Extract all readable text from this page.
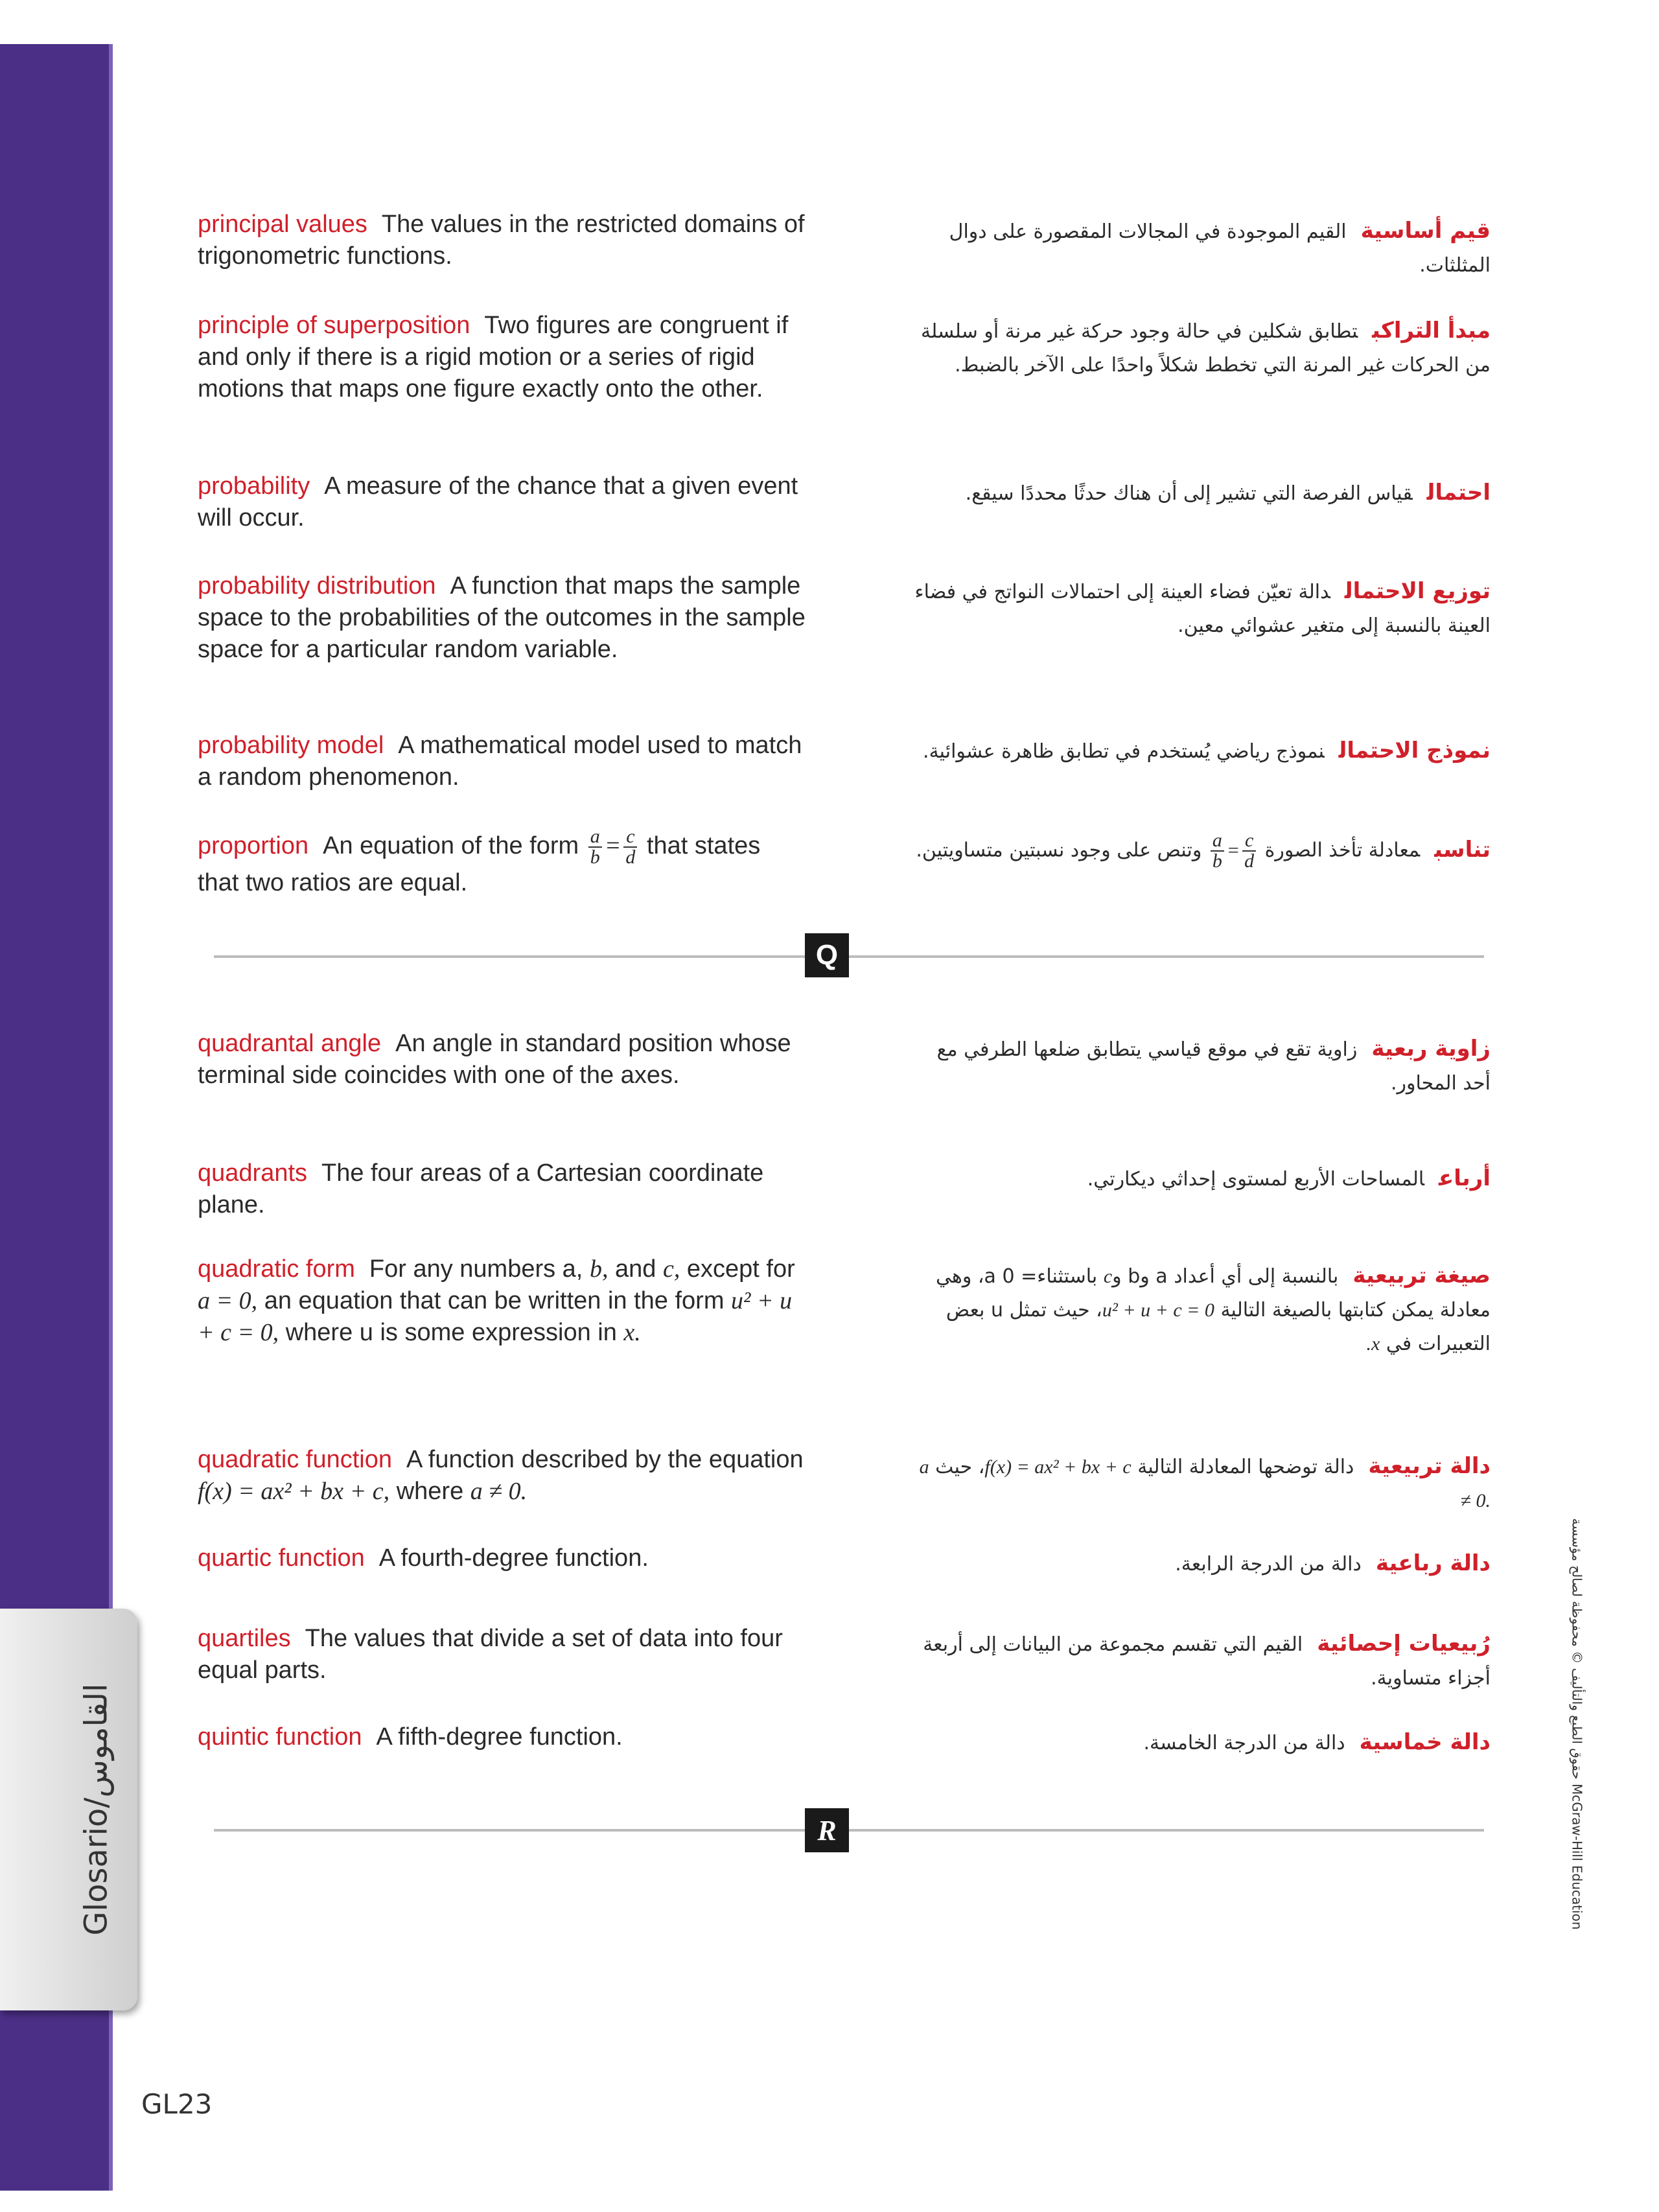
Glosario/القاموس
GL23
حقوق الطبع والتأليف © محفوظة لصالح مؤسسة McGraw-Hill Education
principal values The values in the restricted domains of trigonometric functions.
قيم أساسيةالقيم الموجودة في المجالات المقصورة على دوال المثلثات.
principle of superposition Two figures are congruent if and only if there is a rigid motion or a series of rigid motions that maps one figure exactly onto the other.
مبدأ التراكبتطابق شكلين في حالة وجود حركة غير مرنة أو سلسلة من الحركات غير المرنة التي تخطط شكلاً واحدًا على الآخر بالضبط.
probability A measure of the chance that a given event will occur.
احتمالقياس الفرصة التي تشير إلى أن هناك حدثًا محددًا سيقع.
probability distribution A function that maps the sample space to the probabilities of the outcomes in the sample space for a particular random variable.
توزيع الاحتمالدالة تعيّن فضاء العينة إلى احتمالات النواتج في فضاء العينة بالنسبة إلى متغير عشوائي معين.
probability model A mathematical model used to match a random phenomenon.
نموذج الاحتمالنموذج رياضي يُستخدم في تطابق ظاهرة عشوائية.
proportion An equation of the form $\frac{a}{b} = \frac{c}{d}$ that states that two ratios are equal.
تناسبمعادلة تأخذ الصورة
$\frac{a}{b} = \frac{c}{d}$
وتنص على وجود نسبتين متساويتين.
Q
quadrantal angle An angle in standard position whose terminal side coincides with one of the axes.
زاوية ربعيةزاوية تقع في موقع قياسي يتطابق ضلعها الطرفي مع أحد المحاور.
quadrants The four areas of a Cartesian coordinate plane.
أرباعالمساحات الأربع لمستوى إحداثي ديكارتي.
quadratic form For any numbers a, b, and c, except for a = 0, an equation that can be written in the form u² + u + c = 0, where u is some expression in x.
صيغة تربيعيةبالنسبة إلى أي أعداد a وb وc باستثناء= a 0، وهي معادلة يمكن كتابتها بالصيغة التالية u² + u + c = 0، حيث تمثل u بعض التعبيرات في x.
quadratic function A function described by the equation f(x) = ax² + bx + c, where a ≠ 0.
دالة تربيعيةدالة توضحها المعادلة التالية f(x) = ax² + bx + c، حيث a ≠ 0.
quartic function A fourth-degree function.	دالة رباعيةدالة من الدرجة الرابعة.
quartiles The values that divide a set of data into four equal parts.
رُبيعيات إحصائيةالقيم التي تقسم مجموعة من البيانات إلى أربعة أجزاء متساوية.
quintic function A fifth-degree function.	دالة خماسيةدالة من الدرجة الخامسة.
R
